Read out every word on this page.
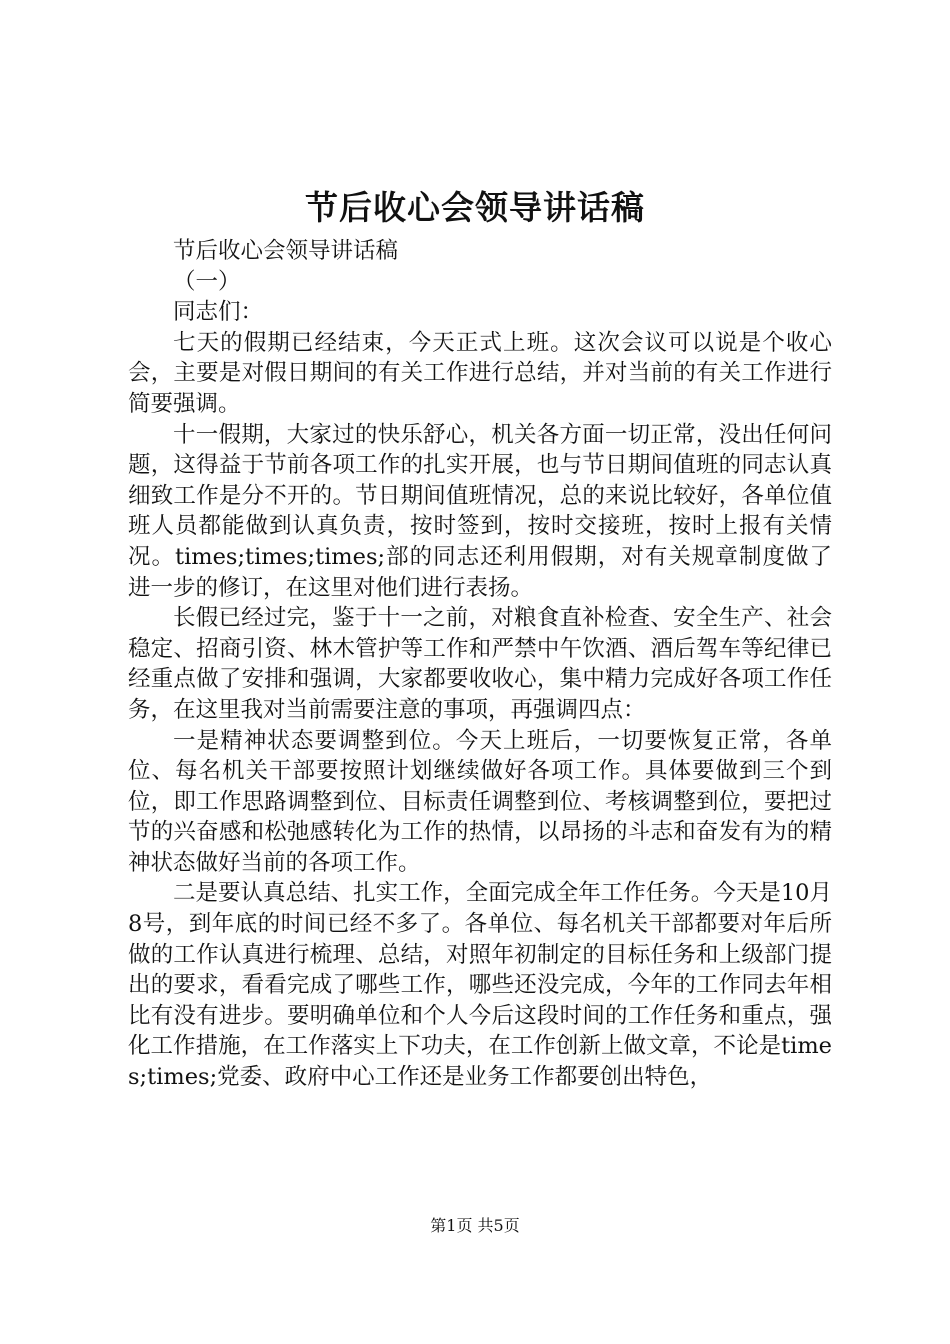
节后收心会领导讲话稿

节后收心会领导讲话稿

（一）

同志们：

七天的假期已经结束，今天正式上班。这次会议可以说是个收心会，主要是对假日期间的有关工作进行总结，并对当前的有关工作进行简要强调。

十一假期，大家过的快乐舒心，机关各方面一切正常，没出任何问题，这得益于节前各项工作的扎实开展，也与节日期间值班的同志认真细致工作是分不开的。节日期间值班情况，总的来说比较好，各单位值班人员都能做到认真负责，按时签到，按时交接班，按时上报有关情况。times;times;times;部的同志还利用假期，对有关规章制度做了进一步的修订，在这里对他们进行表扬。

长假已经过完，鉴于十一之前，对粮食直补检查、安全生产、社会稳定、招商引资、林木管护等工作和严禁中午饮酒、酒后驾车等纪律已经重点做了安排和强调，大家都要收收心，集中精力完成好各项工作任务，在这里我对当前需要注意的事项，再强调四点：

一是精神状态要调整到位。今天上班后，一切要恢复正常，各单位、每名机关干部要按照计划继续做好各项工作。具体要做到三个到位，即工作思路调整到位、目标责任调整到位、考核调整到位，要把过节的兴奋感和松弛感转化为工作的热情，以昂扬的斗志和奋发有为的精神状态做好当前的各项工作。

二是要认真总结、扎实工作，全面完成全年工作任务。今天是10月8号，到年底的时间已经不多了。各单位、每名机关干部都要对年后所做的工作认真进行梳理、总结，对照年初制定的目标任务和上级部门提出的要求，看看完成了哪些工作，哪些还没完成，今年的工作同去年相比有没有进步。要明确单位和个人今后这段时间的工作任务和重点，强化工作措施，在工作落实上下功夫，在工作创新上做文章，不论是times;times;党委、政府中心工作还是业务工作都要创出特色，

第1页 共5页
